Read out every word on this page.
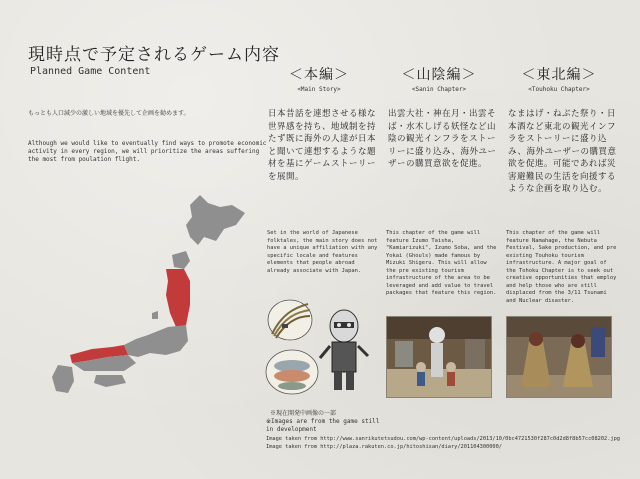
現時点で予定されるゲーム内容
Planned Game Content
もっとも人口減少の激しい地域を優先して企画を勧めます。
Although we would like to eventually find ways to promote economic activity in every region, we will prioritize the areas suffering the most from poulation flight.
＜本編＞
<Main Story>
＜山陰編＞
<Sanin Chapter>
＜東北編＞
<Touhoku Chapter>
日本昔話を連想させる様な世界感を持ち、地域制を持たず既に海外の人達が日本と聞いて連想するような題材を基にゲームストーリーを展開。
出雲大社・神在月・出雲そば・水木しげる妖怪など山陰の観光インフラをストーリーに盛り込み、海外ユーザーの購買意欲を促進。
なまはげ・ねぶた祭り・日本酒など東北の観光インフラをストーリーに盛り込み、海外ユーザーの購買意欲を促進。可能であれば災害避難民の生活を向援するような企画を取り込む。
Set in the world of Japanese folktales, the main story does not have a unique affiliation with any specific locale and features elements that people abroad already associate with Japan.
This chapter of the game will feature Izumo Taisha, "Kamiarizuki", Izumo Soba, and the Yokai (Ghouls) made famous by Mizuki Shigeru. This will allow the pre existing tourism infrastructure of the area to be leveraged and add value to travel packages that feature this region.
This chapter of the game will feature Namahage, the Nebuta Festival, Sake production, and pre existing Touhoku tourism infrastructure. A major goal of the Tohoku Chapter is to seek out creative opportunities that employ and help those who are still displaced from the 3/11 Tsunami and Nuclear disaster.
※現在開発中画像の一部
※Images are from the game still in development
Image taken from http://www.sanrikutetsudou.com/wp-content/uploads/2013/10/0bc4721530f287c0d2d8f8b57cc08202.jpg
Image taken from http://plaza.rakuten.co.jp/hitoshisan/diary/201104300000/
